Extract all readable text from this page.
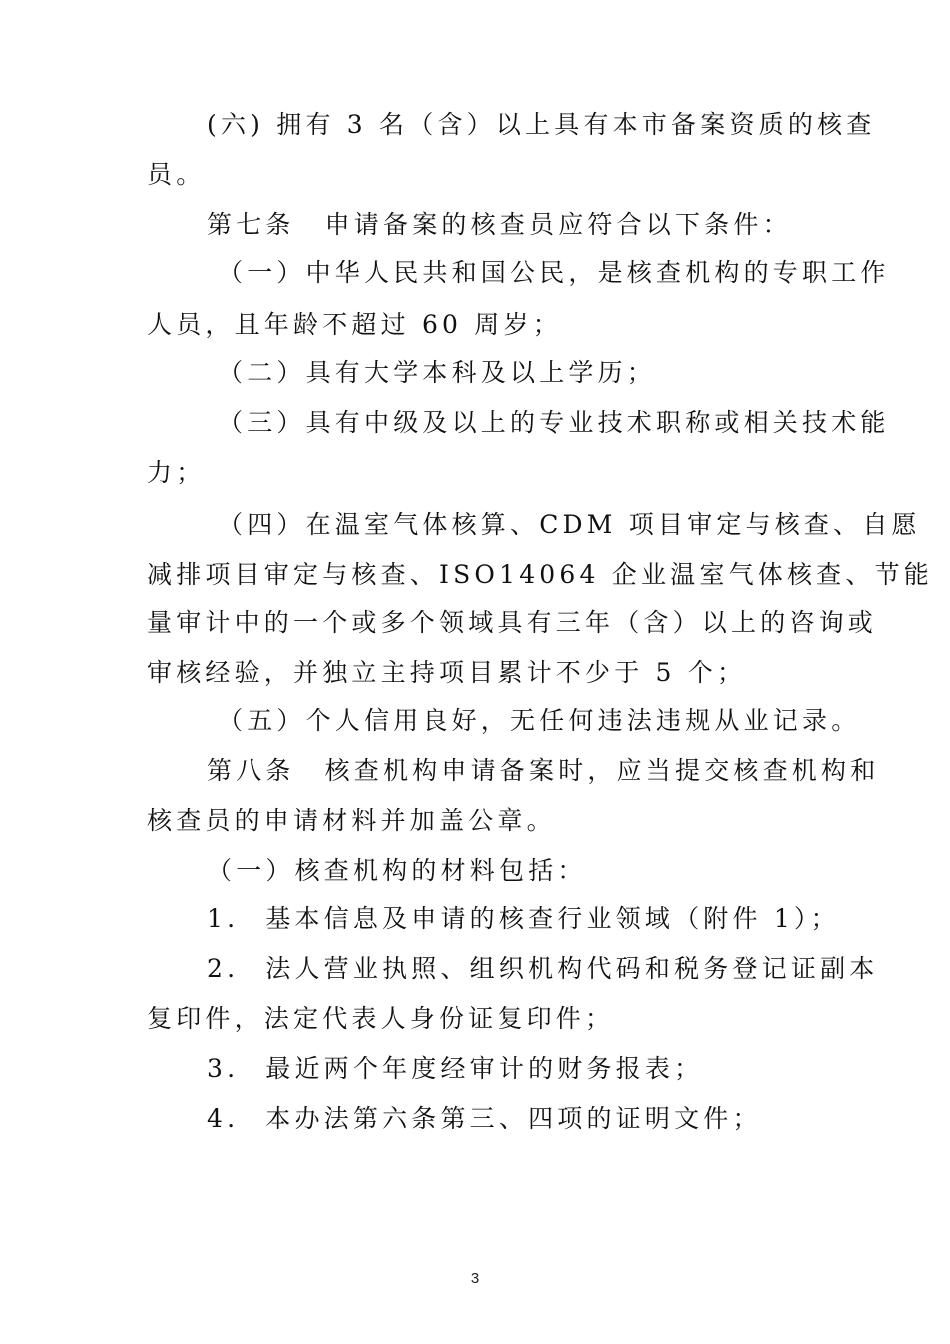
(六) 拥有 3 名（含）以上具有本市备案资质的核查
员。
第七条 申请备案的核查员应符合以下条件：
（一）中华人民共和国公民，是核查机构的专职工作
人员，且年龄不超过 60 周岁；
（二）具有大学本科及以上学历；
（三）具有中级及以上的专业技术职称或相关技术能
力；
（四）在温室气体核算、CDM 项目审定与核查、自愿
减排项目审定与核查、ISO14064 企业温室气体核查、节能
量审计中的一个或多个领域具有三年（含）以上的咨询或
审核经验，并独立主持项目累计不少于 5 个；
（五）个人信用良好，无任何违法违规从业记录。
第八条 核查机构申请备案时，应当提交核查机构和
核查员的申请材料并加盖公章。
（一）核查机构的材料包括：
1. 基本信息及申请的核查行业领域（附件 1）；
2. 法人营业执照、组织机构代码和税务登记证副本
复印件，法定代表人身份证复印件；
3. 最近两个年度经审计的财务报表；
4. 本办法第六条第三、四项的证明文件；
3
